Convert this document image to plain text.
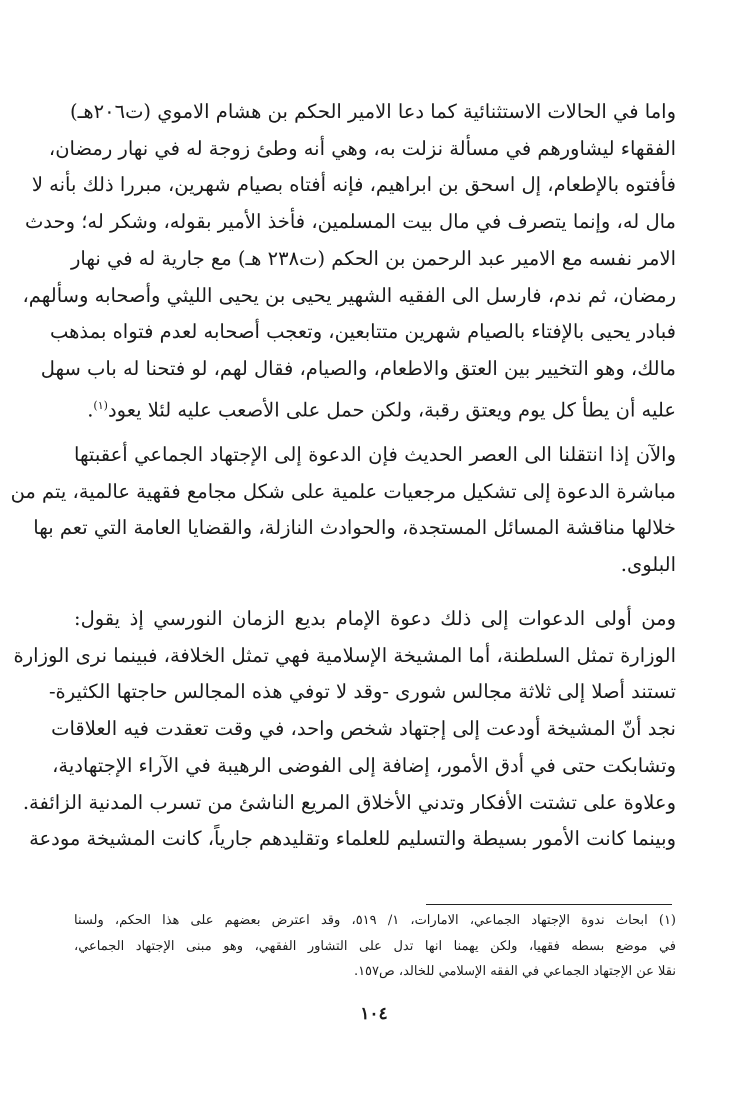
واما في الحالات الاستثنائية كما دعا الامير الحكم بن هشام الاموي (ت٢٠٦هـ)
الفقهاء ليشاورهم في مسألة نزلت به، وهي أنه وطئ زوجة له في نهار رمضان،
فأفتوه بالإطعام، إل اسحق بن ابراهيم، فإنه أفتاه بصيام شهرين، مبررا ذلك بأنه لا
مال له، وإنما يتصرف في مال بيت المسلمين، فأخذ الأمير بقوله، وشكر له؛ وحدث
الامر نفسه مع الامير عبد الرحمن بن الحكم (ت٢٣٨ هـ) مع جارية له في نهار
رمضان، ثم ندم، فارسل الى الفقيه الشهير يحيى بن يحيى الليثي وأصحابه وسألهم،
فبادر يحيى بالإفتاء بالصيام شهرين متتابعين، وتعجب أصحابه لعدم فتواه بمذهب
مالك، وهو التخيير بين العتق والاطعام، والصيام، فقال لهم، لو فتحنا له باب سهل
عليه أن يطأ كل يوم ويعتق رقبة، ولكن حمل على الأصعب عليه لئلا يعود$^{(١)}$.
والآن إذا انتقلنا الى العصر الحديث فإن الدعوة إلى الإجتهاد الجماعي أعقبتها
مباشرة الدعوة إلى تشكيل مرجعيات علمية على شكل مجامع فقهية عالمية، يتم من
خلالها مناقشة المسائل المستجدة، والحوادث النازلة، والقضايا العامة التي تعم بها
البلوى.
ومن أولى الدعوات إلى ذلك دعوة الإمام بديع الزمان النورسي إذ يقول:
الوزارة تمثل السلطنة، أما المشيخة الإسلامية فهي تمثل الخلافة، فبينما نرى الوزارة
تستند أصلا إلى ثلاثة مجالس شورى -وقد لا توفي هذه المجالس حاجتها الكثيرة-
نجد أنّ المشيخة أودعت إلى إجتهاد شخص واحد، في وقت تعقدت فيه العلاقات
وتشابكت حتى في أدق الأمور، إضافة إلى الفوضى الرهيبة في الآراء الإجتهادية،
وعلاوة على تشتت الأفكار وتدني الأخلاق المريع الناشئ من تسرب المدنية الزائفة.
وبينما كانت الأمور بسيطة والتسليم للعلماء وتقليدهم جارياً، كانت المشيخة مودعة
(١) ابحاث ندوة الإجتهاد الجماعي، الامارات، ١/ ٥١٩، وقد اعترض بعضهم على هذا الحكم، ولسنا
في موضع بسطه فقهيا، ولكن يهمنا انها تدل على التشاور الفقهي، وهو مبنى الإجتهاد الجماعي،
نقلا عن الإجتهاد الجماعي في الفقه الإسلامي للخالد، ص١٥٧.
١٠٤
